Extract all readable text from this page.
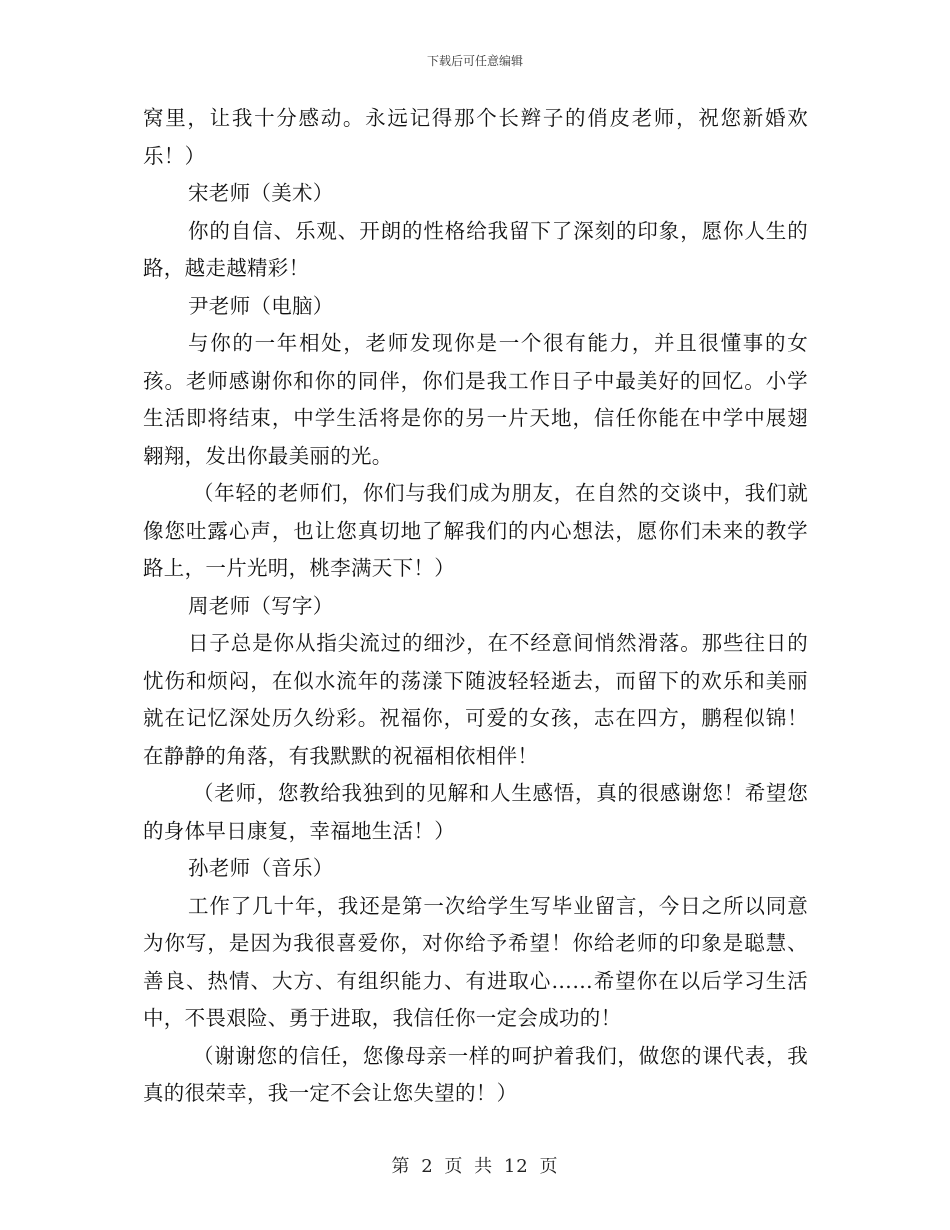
下载后可任意编辑

窝里，让我十分感动。永远记得那个长辫子的俏皮老师，祝您新婚欢乐！）

宋老师（美术）

你的自信、乐观、开朗的性格给我留下了深刻的印象，愿你人生的路，越走越精彩！

尹老师（电脑）

与你的一年相处，老师发现你是一个很有能力，并且很懂事的女孩。老师感谢你和你的同伴，你们是我工作日子中最美好的回忆。小学生活即将结束，中学生活将是你的另一片天地，信任你能在中学中展翅翱翔，发出你最美丽的光。

（年轻的老师们，你们与我们成为朋友，在自然的交谈中，我们就像您吐露心声，也让您真切地了解我们的内心想法，愿你们未来的教学路上，一片光明，桃李满天下！）

周老师（写字）

日子总是你从指尖流过的细沙，在不经意间悄然滑落。那些往日的忧伤和烦闷，在似水流年的荡漾下随波轻轻逝去，而留下的欢乐和美丽就在记忆深处历久纷彩。祝福你，可爱的女孩，志在四方，鹏程似锦！在静静的角落，有我默默的祝福相依相伴！

（老师，您教给我独到的见解和人生感悟，真的很感谢您！希望您的身体早日康复，幸福地生活！）

孙老师（音乐）

工作了几十年，我还是第一次给学生写毕业留言，今日之所以同意为你写，是因为我很喜爱你，对你给予希望！你给老师的印象是聪慧、善良、热情、大方、有组织能力、有进取心……希望你在以后学习生活中，不畏艰险、勇于进取，我信任你一定会成功的！

（谢谢您的信任，您像母亲一样的呵护着我们，做您的课代表，我真的很荣幸，我一定不会让您失望的！）

第 2 页 共 12 页
